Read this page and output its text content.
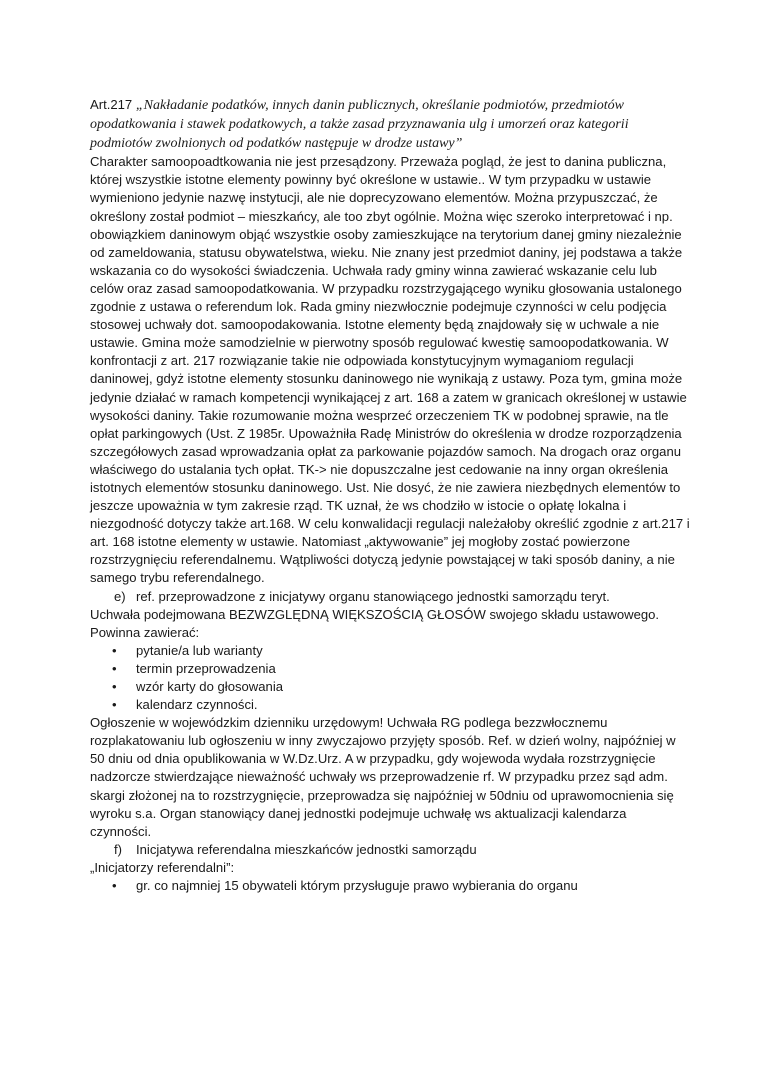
Art.217 „Nakładanie podatków, innych danin publicznych, określanie podmiotów, przedmiotów opodatkowania i stawek podatkowych, a także zasad przyznawania ulg i umorzeń oraz kategorii podmiotów zwolnionych od podatków następuje w drodze ustawy”

Charakter samoopoadtkowania nie jest przesądzony. Przeważa pogląd, że jest to danina publiczna, której wszystkie istotne elementy powinny być określone w ustawie.. W tym przypadku w ustawie wymieniono jedynie nazwę instytucji, ale nie doprecyzowano elementów. Można przypuszczać, że określony został podmiot – mieszkańcy, ale too zbyt ogólnie. Można więc szeroko interpretować i np. obowiązkiem daninowym objąć wszystkie osoby zamieszkujące na terytorium danej gminy niezależnie od zameldowania, statusu obywatelstwa, wieku. Nie znany jest przedmiot daniny, jej podstawa a także wskazania co do wysokości świadczenia. Uchwała rady gminy winna zawierać wskazanie celu lub celów oraz zasad samoopodatkowania. W przypadku rozstrzygającego wyniku głosowania ustalonego zgodnie z ustawa o referendum lok. Rada gminy niezwłocznie podejmuje czynności w celu podjęcia stosowej uchwały dot. samoopodakowania. Istotne elementy będą znajdowały się w uchwale a nie ustawie. Gmina może samodzielnie w pierwotny sposób regulować kwestię samoopodatkowania. W konfrontacji z art. 217 rozwiązanie takie nie odpowiada konstytucyjnym wymaganiom regulacji daninowej, gdyż istotne elementy stosunku daninowego nie wynikają z ustawy. Poza tym, gmina może jedynie działać w ramach kompetencji wynikającej z art. 168 a zatem w granicach określonej w ustawie wysokości daniny. Takie rozumowanie można wesprzeć orzeczeniem TK w podobnej sprawie, na tle opłat parkingowych (Ust. Z 1985r. Upoważniła Radę Ministrów do określenia w drodze rozporządzenia szczegółowych zasad wprowadzania opłat za parkowanie pojazdów samoch. Na drogach oraz organu właściwego do ustalania tych opłat. TK-> nie dopuszczalne jest cedowanie na inny organ określenia istotnych elementów stosunku daninowego. Ust. Nie dosyć, że nie zawiera niezbędnych elementów to jeszcze upoważnia w tym zakresie rząd. TK uznał, że ws chodziło w istocie o opłatę lokalna i niezgodność dotyczy także art.168. W celu konwalidacji regulacji należałoby określić zgodnie z art.217 i art. 168 istotne elementy w ustawie. Natomiast „aktywowanie” jej mogłoby zostać powierzone rozstrzygnięciu referendalnemu. Wątpliwości dotyczą jedynie powstającej w taki sposób daniny, a nie samego trybu referendalnego.

e) ref. przeprowadzone z inicjatywy organu stanowiącego jednostki samorządu teryt.

Uchwała podejmowana BEZWZGLĘDNĄ WIĘKSZOŚCIĄ GŁOSÓW swojego składu ustawowego. Powinna zawierać:

• pytanie/a lub warianty
• termin przeprowadzenia
• wzór karty do głosowania
• kalendarz czynności.

Ogłoszenie w wojewódzkim dzienniku urzędowym! Uchwała RG podlega bezzwłocznemu rozplakatowaniu lub ogłoszeniu w inny zwyczajowo przyjęty sposób. Ref. w dzień wolny, najpóźniej w 50 dniu od dnia opublikowania w W.Dz.Urz. A w przypadku, gdy wojewoda wydała rozstrzygnięcie nadzorcze stwierdzające nieważność uchwały ws przeprowadzenie rf. W przypadku przez sąd adm. skargi złożonej na to rozstrzygnięcie, przeprowadza się najpóźniej w 50dniu od uprawomocnienia się wyroku s.a. Organ stanowiący danej jednostki podejmuje uchwałę ws aktualizacji kalendarza czynności.

f) Inicjatywa referendalna mieszkańców jednostki samorządu

„Inicjatorzy referendalni”:

• gr. co najmniej 15 obywateli którym przysługuje prawo wybierania do organu
